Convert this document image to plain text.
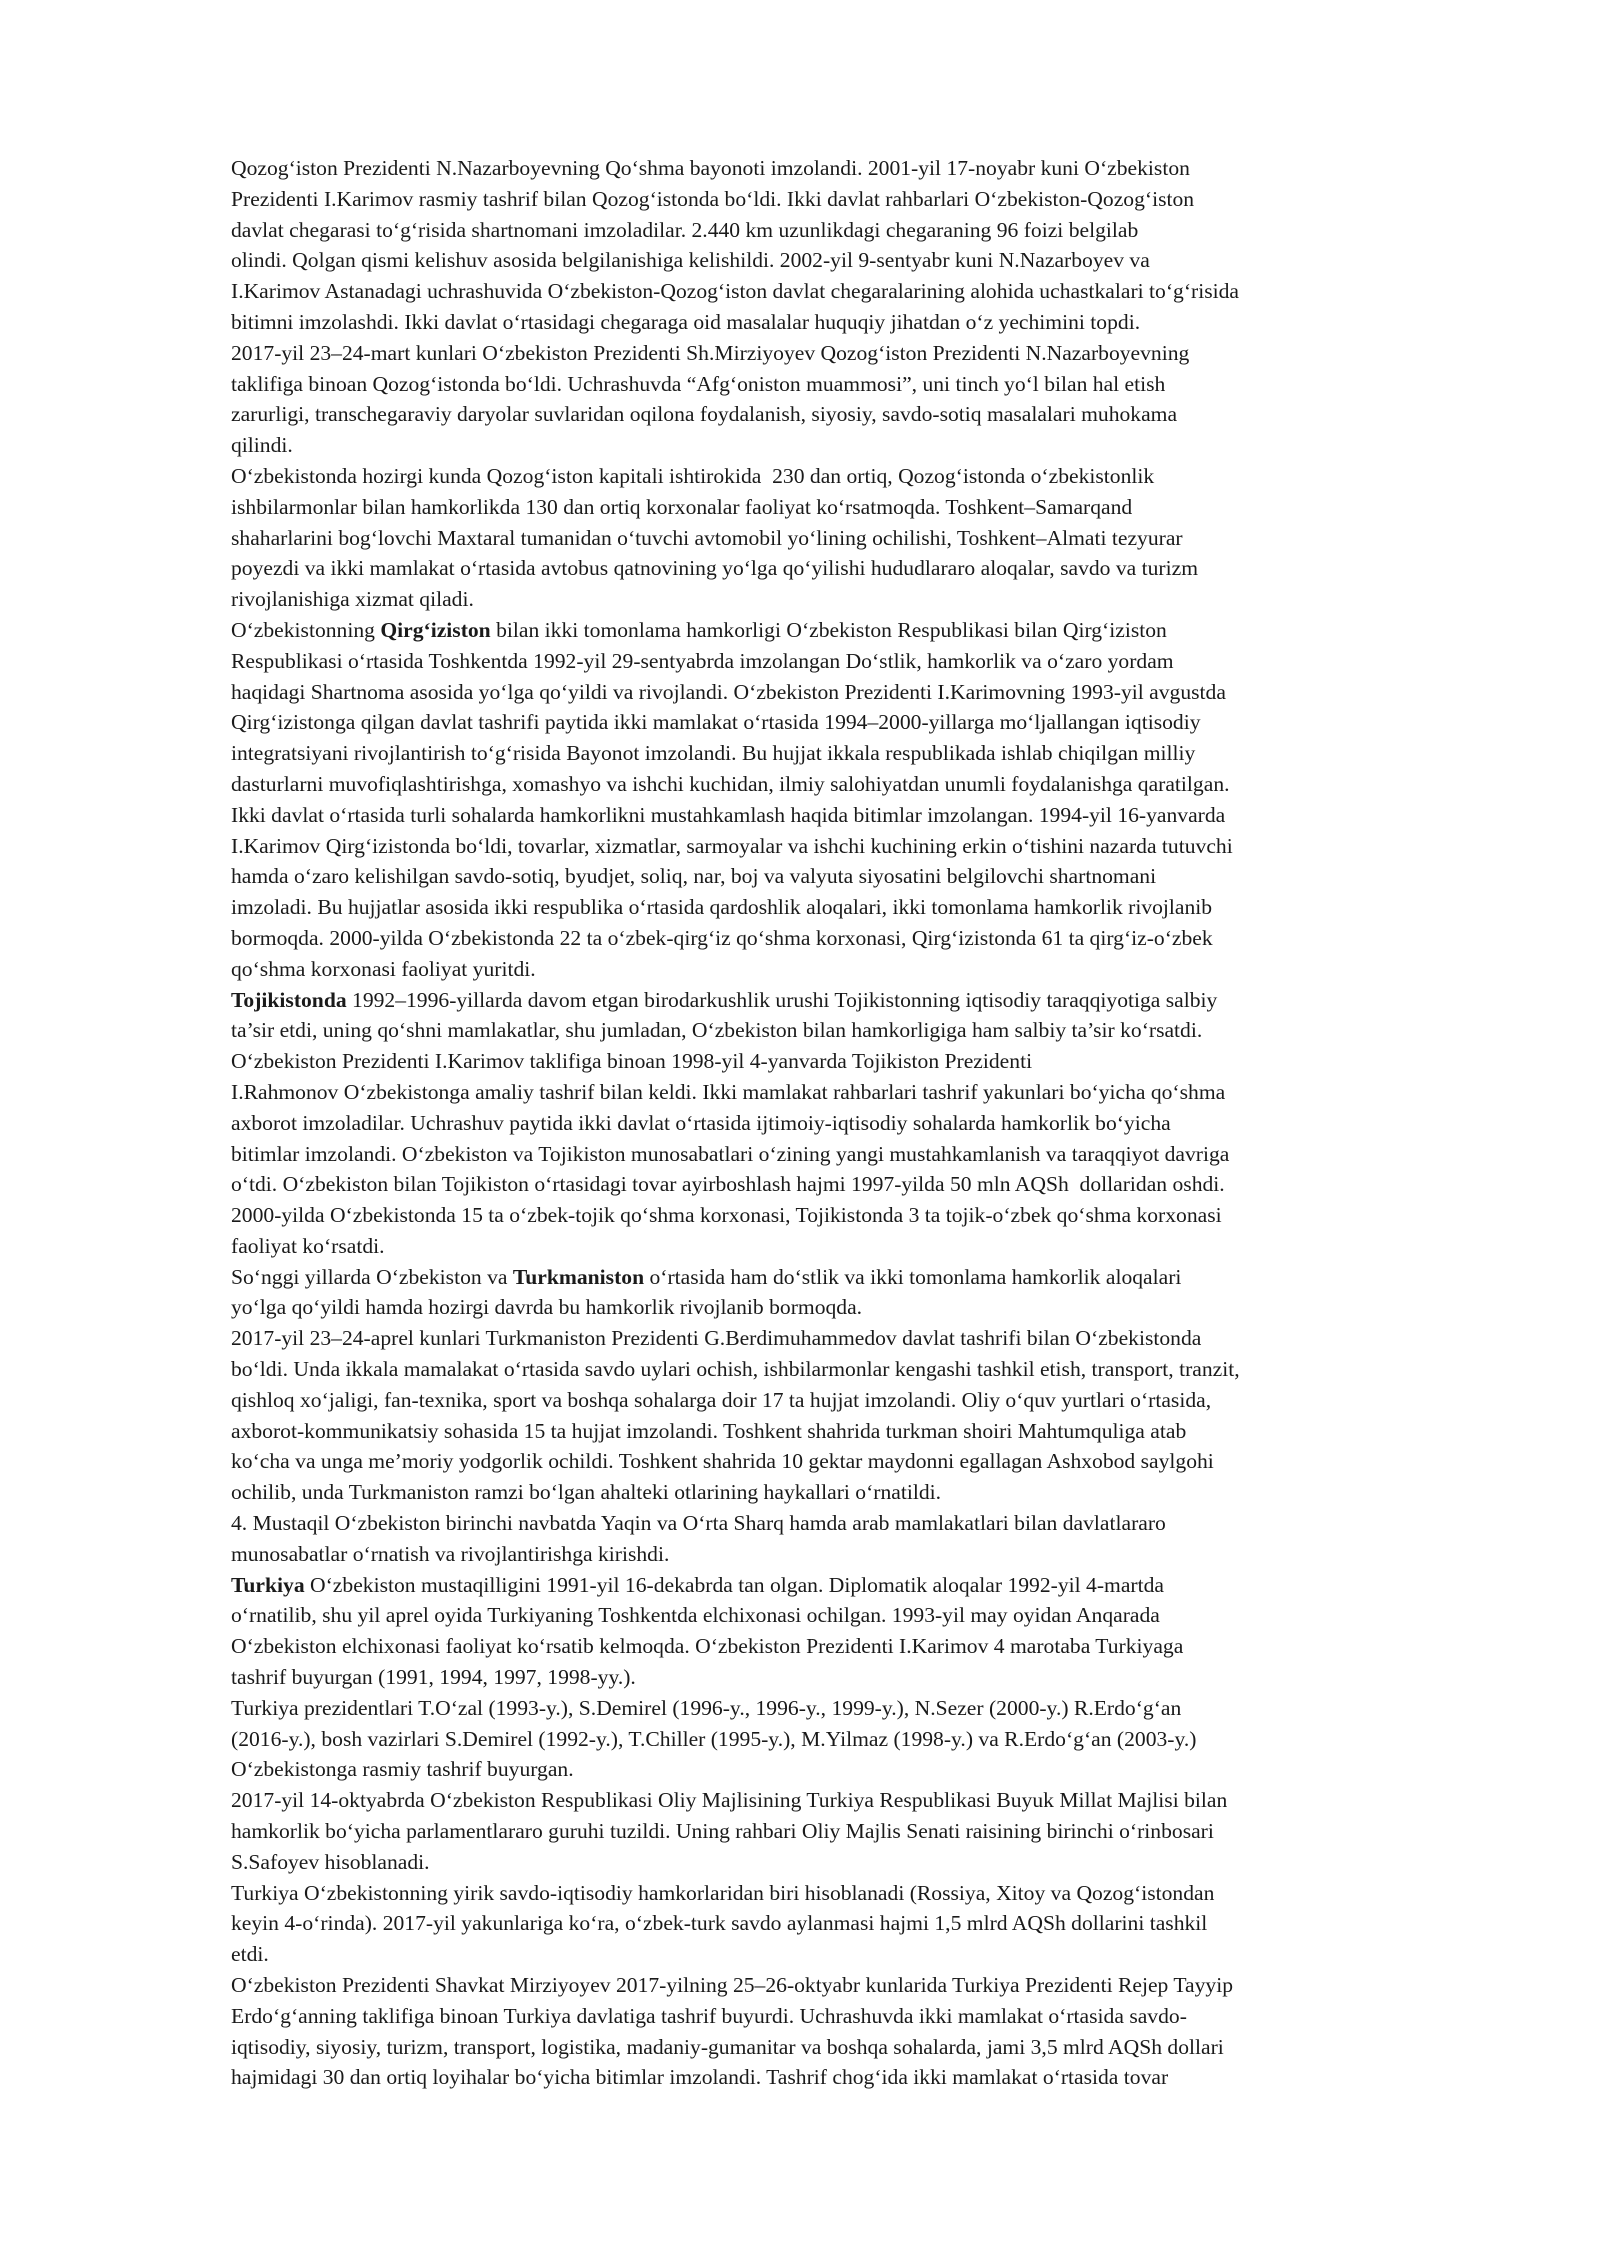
Qozog‘iston Prezidenti N.Nazarboyevning Qo‘shma bayonoti imzolandi. 2001-yil 17-noyabr kuni O‘zbekiston
Prezidenti I.Karimov rasmiy tashrif bilan Qozog‘istonda bo‘ldi. Ikki davlat rahbarlari O‘zbekiston-Qozog‘iston
davlat chegarasi to‘g‘risida shartnomani imzoladilar. 2.440 km uzunlikdagi chegaraning 96 foizi belgilab
olindi. Qolgan qismi kelishuv asosida belgilanishiga kelishildi. 2002-yil 9-sentyabr kuni N.Nazarboyev va
I.Karimov Astanadagi uchrashuvida O‘zbekiston-Qozog‘iston davlat chegaralarining alohida uchastkalari to‘g‘risida
bitimni imzolashdi. Ikki davlat o‘rtasidagi chegaraga oid masalalar huquqiy jihatdan o‘z yechimini topdi.
2017-yil 23–24-mart kunlari O‘zbekiston Prezidenti Sh.Mirziyoyev Qozog‘iston Prezidenti N.Nazarboyevning
taklifiga binoan Qozog‘istonda bo‘ldi. Uchrashuvda “Afg‘oniston muammosi”, uni tinch yo‘l bilan hal etish
zarurligi, transchegaraviy daryolar suvlaridan oqilona foydalanish, siyosiy, savdo-sotiq masalalari muhokama
qilindi.
O‘zbekistonda hozirgi kunda Qozog‘iston kapitali ishtirokida  230 dan ortiq, Qozog‘istonda o‘zbekistonlik
ishbilarmonlar bilan hamkorlikda 130 dan ortiq korxonalar faoliyat ko‘rsatmoqda. Toshkent–Samarqand
shaharlarini bog‘lovchi Maxtaral tumanidan o‘tuvchi avtomobil yo‘lining ochilishi, Toshkent–Almati tezyurar
poyezdi va ikki mamlakat o‘rtasida avtobus qatnovining yo‘lga qo‘yilishi hududlararo aloqalar, savdo va turizm
rivojlanishiga xizmat qiladi.
O‘zbekistonning Qirg‘iziston bilan ikki tomonlama hamkorligi O‘zbekiston Respublikasi bilan Qirg‘iziston
Respublikasi o‘rtasida Toshkentda 1992-yil 29-sentyabrda imzolangan Do‘stlik, hamkorlik va o‘zaro yordam
haqidagi Shartnoma asosida yo‘lga qo‘yildi va rivojlandi. O‘zbekiston Prezidenti I.Karimovning 1993-yil avgustda
Qirg‘izistonga qilgan davlat tashrifi paytida ikki mamlakat o‘rtasida 1994–2000-yillarga mo‘ljallangan iqtisodiy
integratsiyani rivojlantirish to‘g‘risida Bayonot imzolandi. Bu hujjat ikkala respublikada ishlab chiqilgan milliy
dasturlarni muvofiqlashtirishga, xomashyo va ishchi kuchidan, ilmiy salohiyatdan unumli foydalanishga qaratilgan.
Ikki davlat o‘rtasida turli sohalarda hamkorlikni mustahkamlash haqida bitimlar imzolangan. 1994-yil 16-yanvarda
I.Karimov Qirg‘izistonda bo‘ldi, tovarlar, xizmatlar, sarmoyalar va ishchi kuchining erkin o‘tishini nazarda tutuvchi
hamda o‘zaro kelishilgan savdo-sotiq, byudjet, soliq, nar, boj va valyuta siyosatini belgilovchi shartnomani
imzoladi. Bu hujjatlar asosida ikki respublika o‘rtasida qardoshlik aloqalari, ikki tomonlama hamkorlik rivojlanib
bormoqda. 2000-yilda O‘zbekistonda 22 ta o‘zbek-qirg‘iz qo‘shma korxonasi, Qirg‘izistonda 61 ta qirg‘iz-o‘zbek
qo‘shma korxonasi faoliyat yuritdi.
Tojikistonda 1992–1996-yillarda davom etgan birodarkushlik urushi Tojikistonning iqtisodiy taraqqiyotiga salbiy
ta’sir etdi, uning qo‘shni mamlakatlar, shu jumladan, O‘zbekiston bilan hamkorligiga ham salbiy ta’sir ko‘rsatdi.
O‘zbekiston Prezidenti I.Karimov taklifiga binoan 1998-yil 4-yanvarda Tojikiston Prezidenti
I.Rahmonov O‘zbekistonga amaliy tashrif bilan keldi. Ikki mamlakat rahbarlari tashrif yakunlari bo‘yicha qo‘shma
axborot imzoladilar. Uchrashuv paytida ikki davlat o‘rtasida ijtimoiy-iqtisodiy sohalarda hamkorlik bo‘yicha
bitimlar imzolandi. O‘zbekiston va Tojikiston munosabatlari o‘zining yangi mustahkamlanish va taraqqiyot davriga
o‘tdi. O‘zbekiston bilan Tojikiston o‘rtasidagi tovar ayirboshlash hajmi 1997-yilda 50 mln AQSh  dollaridan oshdi.
2000-yilda O‘zbekistonda 15 ta o‘zbek-tojik qo‘shma korxonasi, Tojikistonda 3 ta tojik-o‘zbek qo‘shma korxonasi
faoliyat ko‘rsatdi.
So‘nggi yillarda O‘zbekiston va Turkmaniston o‘rtasida ham do‘stlik va ikki tomonlama hamkorlik aloqalari
yo‘lga qo‘yildi hamda hozirgi davrda bu hamkorlik rivojlanib bormoqda.
2017-yil 23–24-aprel kunlari Turkmaniston Prezidenti G.Berdimuhammedov davlat tashrifi bilan O‘zbekistonda
bo‘ldi. Unda ikkala mamalakat o‘rtasida savdo uylari ochish, ishbilarmonlar kengashi tashkil etish, transport, tranzit,
qishloq xo‘jaligi, fan-texnika, sport va boshqa sohalarga doir 17 ta hujjat imzolandi. Oliy o‘quv yurtlari o‘rtasida,
axborot-kommunikatsiy sohasida 15 ta hujjat imzolandi. Toshkent shahrida turkman shoiri Mahtumquliga atab
ko‘cha va unga me’moriy yodgorlik ochildi. Toshkent shahrida 10 gektar maydonni egallagan Ashxobod saylgohi
ochilib, unda Turkmaniston ramzi bo‘lgan ahalteki otlarining haykallari o‘rnatildi.
4. Mustaqil O‘zbekiston birinchi navbatda Yaqin va O‘rta Sharq hamda arab mamlakatlari bilan davlatlararo
munosabatlar o‘rnatish va rivojlantirishga kirishdi.
Turkiya O‘zbekiston mustaqilligini 1991-yil 16-dekabrda tan olgan. Diplomatik aloqalar 1992-yil 4-martda
o‘rnatilib, shu yil aprel oyida Turkiyaning Toshkentda elchixonasi ochilgan. 1993-yil may oyidan Anqarada
O‘zbekiston elchixonasi faoliyat ko‘rsatib kelmoqda. O‘zbekiston Prezidenti I.Karimov 4 marotaba Turkiyaga
tashrif buyurgan (1991, 1994, 1997, 1998-yy.).
Turkiya prezidentlari T.O‘zal (1993-y.), S.Demirel (1996-y., 1996-y., 1999-y.), N.Sezer (2000-y.) R.Erdo‘g‘an
(2016-y.), bosh vazirlari S.Demirel (1992-y.), T.Chiller (1995-y.), M.Yilmaz (1998-y.) va R.Erdo‘g‘an (2003-y.)
O‘zbekistonga rasmiy tashrif buyurgan.
2017-yil 14-oktyabrda O‘zbekiston Respublikasi Oliy Majlisining Turkiya Respublikasi Buyuk Millat Majlisi bilan
hamkorlik bo‘yicha parlamentlararo guruhi tuzildi. Uning rahbari Oliy Majlis Senati raisining birinchi o‘rinbosari
S.Safoyev hisoblanadi.
Turkiya O‘zbekistonning yirik savdo-iqtisodiy hamkorlaridan biri hisoblanadi (Rossiya, Xitoy va Qozog‘istondan
keyin 4-o‘rinda). 2017-yil yakunlariga ko‘ra, o‘zbek-turk savdo aylanmasi hajmi 1,5 mlrd AQSh dollarini tashkil
etdi.
O‘zbekiston Prezidenti Shavkat Mirziyoyev 2017-yilning 25–26-oktyabr kunlarida Turkiya Prezidenti Rejep Tayyip
Erdo‘g‘anning taklifiga binoan Turkiya davlatiga tashrif buyurdi. Uchrashuvda ikki mamlakat o‘rtasida savdo-
iqtisodiy, siyosiy, turizm, transport, logistika, madaniy-gumanitar va boshqa sohalarda, jami 3,5 mlrd AQSh dollari
hajmidagi 30 dan ortiq loyihalar bo‘yicha bitimlar imzolandi. Tashrif chog‘ida ikki mamlakat o‘rtasida tovar
